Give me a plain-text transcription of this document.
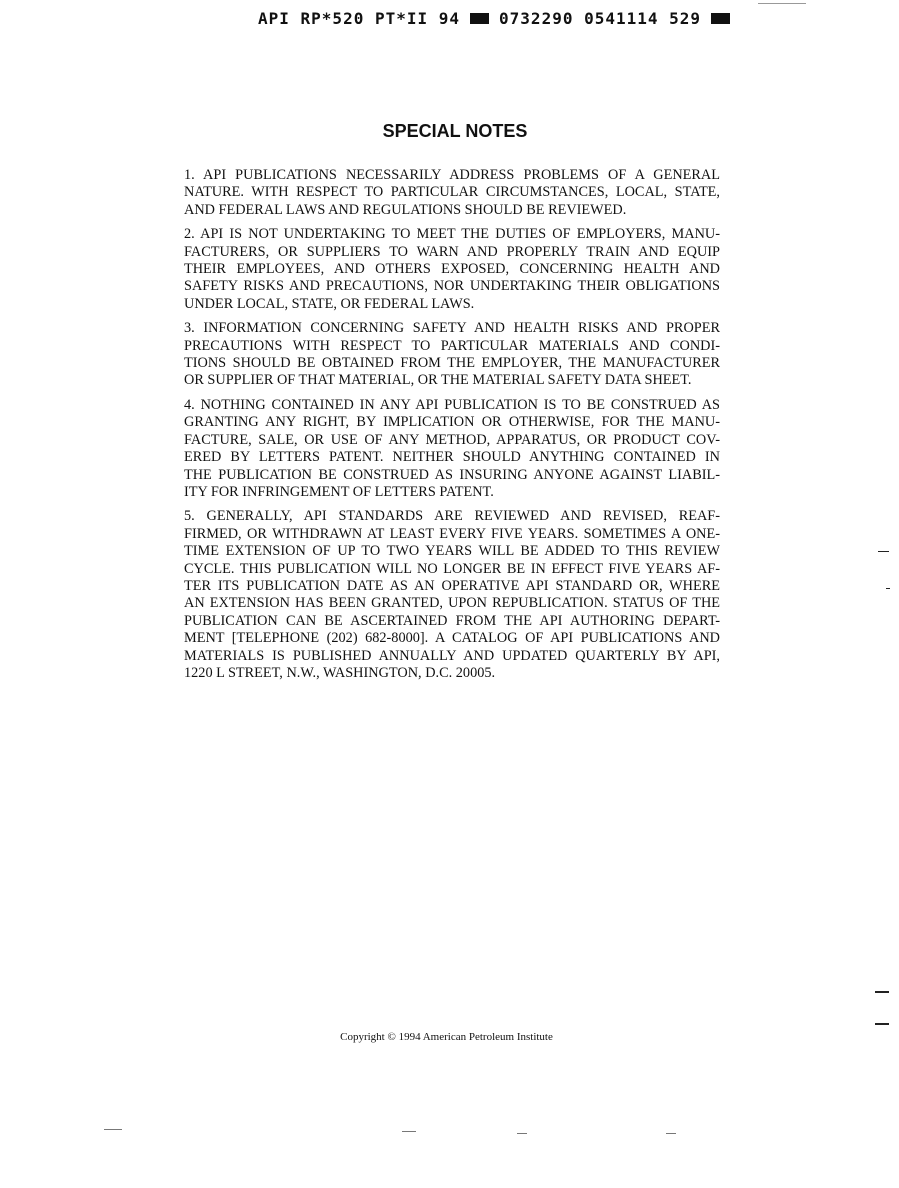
API RP*520 PT*II 94 0732290 0541114 529
SPECIAL NOTES

1. API PUBLICATIONS NECESSARILY ADDRESS PROBLEMS OF A GENERAL
NATURE. WITH RESPECT TO PARTICULAR CIRCUMSTANCES, LOCAL, STATE,
AND FEDERAL LAWS AND REGULATIONS SHOULD BE REVIEWED.

2. API IS NOT UNDERTAKING TO MEET THE DUTIES OF EMPLOYERS, MANU-
FACTURERS, OR SUPPLIERS TO WARN AND PROPERLY TRAIN AND EQUIP
THEIR EMPLOYEES, AND OTHERS EXPOSED, CONCERNING HEALTH AND
SAFETY RISKS AND PRECAUTIONS, NOR UNDERTAKING THEIR OBLIGATIONS
UNDER LOCAL, STATE, OR FEDERAL LAWS.

3. INFORMATION CONCERNING SAFETY AND HEALTH RISKS AND PROPER
PRECAUTIONS WITH RESPECT TO PARTICULAR MATERIALS AND CONDI-
TIONS SHOULD BE OBTAINED FROM THE EMPLOYER, THE MANUFACTURER
OR SUPPLIER OF THAT MATERIAL, OR THE MATERIAL SAFETY DATA SHEET.

4. NOTHING CONTAINED IN ANY API PUBLICATION IS TO BE CONSTRUED AS
GRANTING ANY RIGHT, BY IMPLICATION OR OTHERWISE, FOR THE MANU-
FACTURE, SALE, OR USE OF ANY METHOD, APPARATUS, OR PRODUCT COV-
ERED BY LETTERS PATENT. NEITHER SHOULD ANYTHING CONTAINED IN
THE PUBLICATION BE CONSTRUED AS INSURING ANYONE AGAINST LIABIL-
ITY FOR INFRINGEMENT OF LETTERS PATENT.

5. GENERALLY, API STANDARDS ARE REVIEWED AND REVISED, REAF-
FIRMED, OR WITHDRAWN AT LEAST EVERY FIVE YEARS. SOMETIMES A ONE-
TIME EXTENSION OF UP TO TWO YEARS WILL BE ADDED TO THIS REVIEW
CYCLE. THIS PUBLICATION WILL NO LONGER BE IN EFFECT FIVE YEARS AF-
TER ITS PUBLICATION DATE AS AN OPERATIVE API STANDARD OR, WHERE
AN EXTENSION HAS BEEN GRANTED, UPON REPUBLICATION. STATUS OF THE
PUBLICATION CAN BE ASCERTAINED FROM THE API AUTHORING DEPART-
MENT [TELEPHONE (202) 682-8000]. A CATALOG OF API PUBLICATIONS AND
MATERIALS IS PUBLISHED ANNUALLY AND UPDATED QUARTERLY BY API,
1220 L STREET, N.W., WASHINGTON, D.C. 20005.

Copyright © 1994 American Petroleum Institute
